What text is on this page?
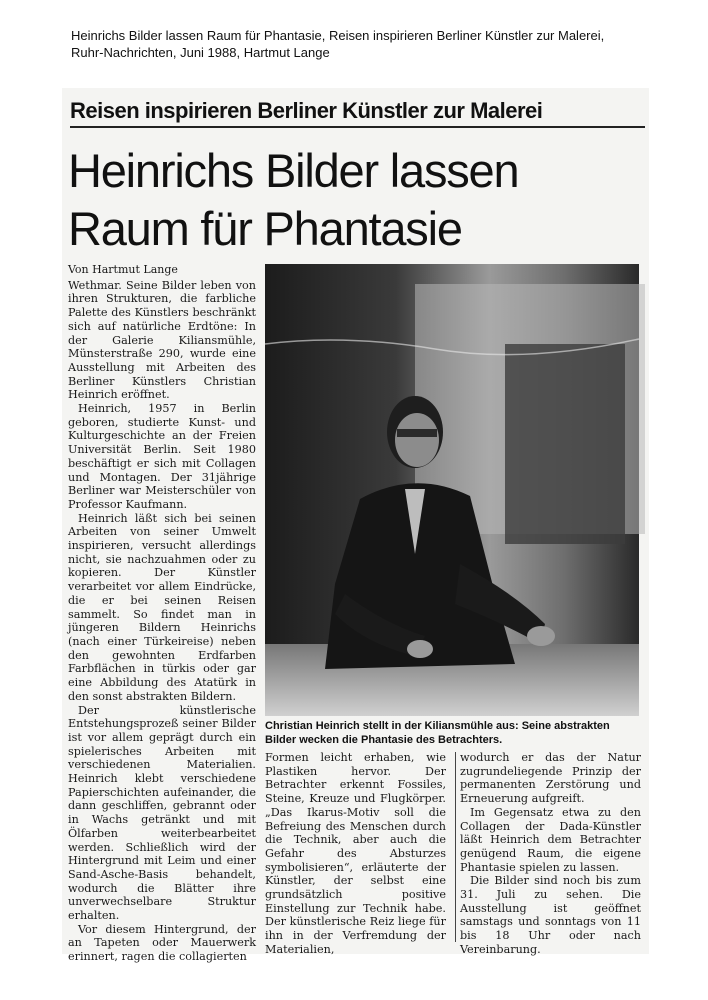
Heinrichs Bilder lassen Raum für Phantasie, Reisen inspirieren Berliner Künstler zur Malerei, Ruhr-Nachrichten, Juni 1988, Hartmut Lange
Reisen inspirieren Berliner Künstler zur Malerei
Heinrichs Bilder lassen
Raum für Phantasie
Von Hartmut Lange

Wethmar. Seine Bilder leben von ihren Strukturen, die farbliche Palette des Künstlers beschränkt sich auf natürliche Erdtöne: In der Galerie Kiliansmühle, Münsterstraße 290, wurde eine Ausstellung mit Arbeiten des Berliner Künstlers Christian Heinrich eröffnet.

Heinrich, 1957 in Berlin geboren, studierte Kunst- und Kulturgeschichte an der Freien Universität Berlin. Seit 1980 beschäftigt er sich mit Collagen und Montagen. Der 31jährige Berliner war Meisterschüler von Professor Kaufmann.

Heinrich läßt sich bei seinen Arbeiten von seiner Umwelt inspirieren, versucht allerdings nicht, sie nachzuahmen oder zu kopieren. Der Künstler verarbeitet vor allem Eindrücke, die er bei seinen Reisen sammelt. So findet man in jüngeren Bildern Heinrichs (nach einer Türkeireise) neben den gewohnten Erdfarben Farbflächen in türkis oder gar eine Abbildung des Atatürk in den sonst abstrakten Bildern.

Der künstlerische Entstehungsprozeß seiner Bilder ist vor allem geprägt durch ein spielerisches Arbeiten mit verschiedenen Materialien. Heinrich klebt verschiedene Papierschichten aufeinander, die dann geschliffen, gebrannt oder in Wachs getränkt und mit Ölfarben weiterbearbeitet werden. Schließlich wird der Hintergrund mit Leim und einer Sand-Asche-Basis behandelt, wodurch die Blätter ihre unverwechselbare Struktur erhalten.

Vor diesem Hintergrund, der an Tapeten oder Mauerwerk erinnert, ragen die collagierten

Christian Heinrich stellt in der Kiliansmühle aus: Seine abstrakten Bilder wecken die Phantasie des Betrachters.

Formen leicht erhaben, wie Plastiken hervor. Der Betrachter erkennt Fossiles, Steine, Kreuze und Flugkörper. „Das Ikarus-Motiv soll die Befreiung des Menschen durch die Technik, aber auch die Gefahr des Absturzes symbolisieren“, erläuterte der Künstler, der selbst eine grundsätzlich positive Einstellung zur Technik habe. Der künstlerische Reiz liege für ihn in der Verfremdung der Materialien,

wodurch er das der Natur zugrundeliegende Prinzip der permanenten Zerstörung und Erneuerung aufgreift.

Im Gegensatz etwa zu den Collagen der Dada-Künstler läßt Heinrich dem Betrachter genügend Raum, die eigene Phantasie spielen zu lassen.

Die Bilder sind noch bis zum 31. Juli zu sehen. Die Ausstellung ist geöffnet samstags und sonntags von 11 bis 18 Uhr oder nach Vereinbarung.
